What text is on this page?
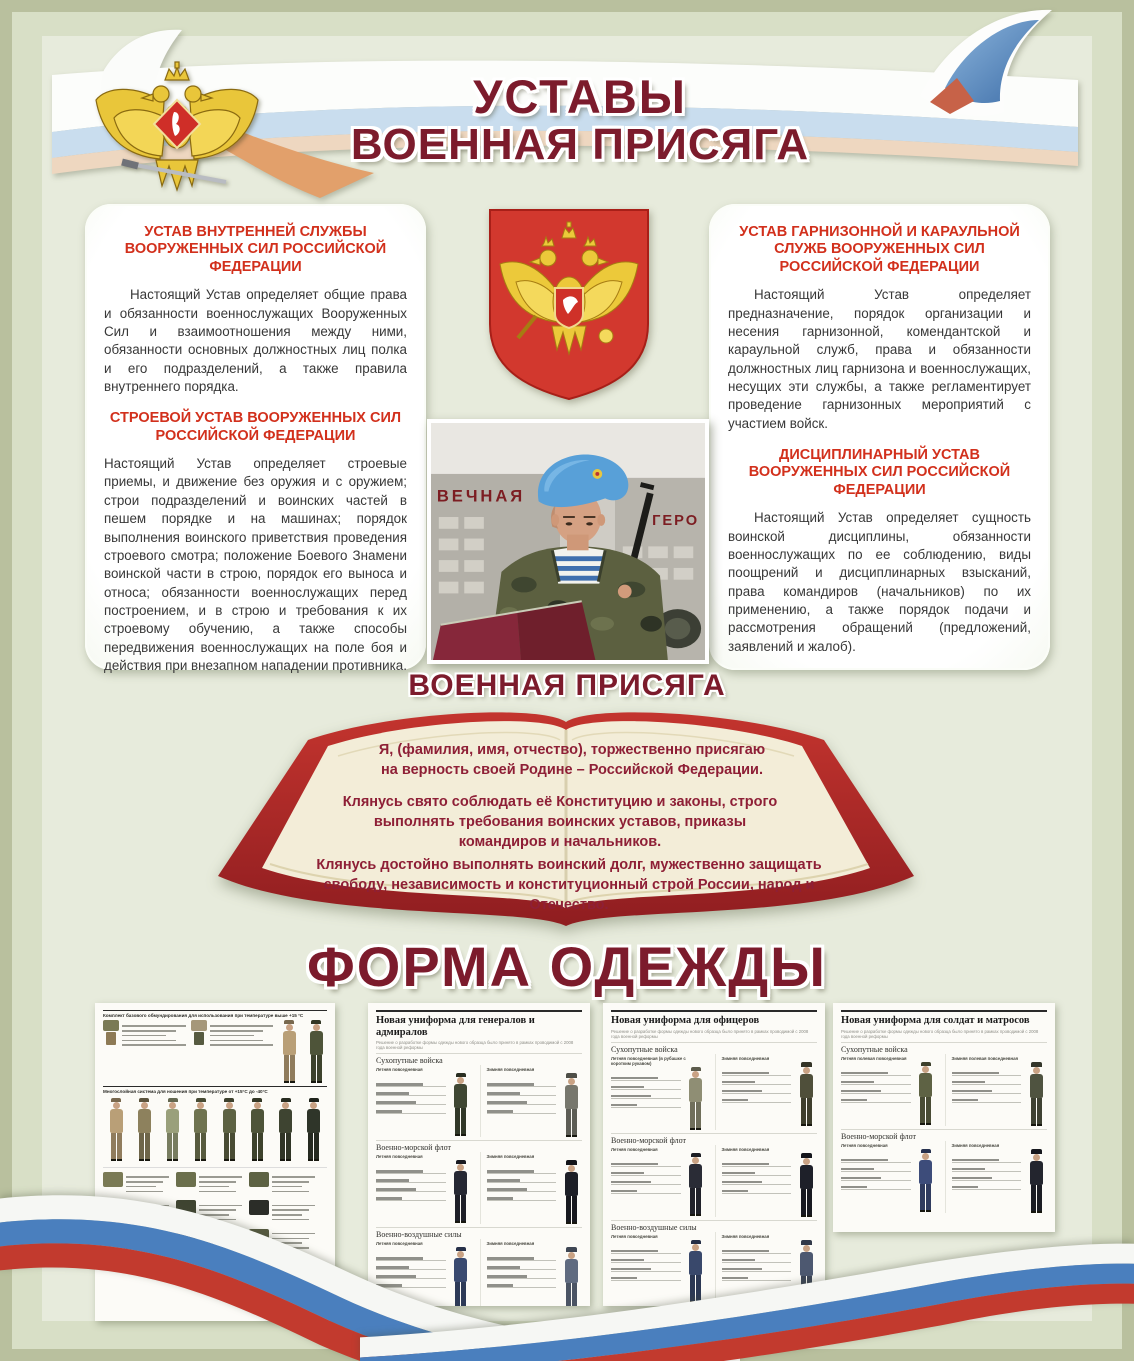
УСТАВЫ
ВОЕННАЯ ПРИСЯГА

УСТАВ ВНУТРЕННЕЙ СЛУЖБЫ ВООРУЖЕННЫХ СИЛ РОССИЙСКОЙ ФЕДЕРАЦИИ

Настоящий Устав определяет общие права и обязанности военнослужащих Вооруженных Сил и взаимоотношения между ними, обязанности основных должностных лиц полка и его подразделений, а также правила внутреннего порядка.

СТРОЕВОЙ УСТАВ ВООРУЖЕННЫХ СИЛ РОССИЙСКОЙ ФЕДЕРАЦИИ

Настоящий Устав определяет строевые приемы, и движение без оружия и с оружием; строи подразделений и воинских частей в пешем порядке и на машинах; порядок выполнения воинского приветствия проведения строевого смотра; положение Боевого Знамени воинской части в строю, порядок его выноса и относа; обязанности военнослужащих перед построением, и в строю и требования к их строевому обучению, а также способы передвижения военнослужащих на поле боя и действия при внезапном нападении противника.

УСТАВ ГАРНИЗОННОЙ И КАРАУЛЬНОЙ СЛУЖБ ВООРУЖЕННЫХ СИЛ РОССИЙСКОЙ ФЕДЕРАЦИИ

Настоящий Устав определяет предназначение, порядок организации и несения гарнизонной, комендантской и караульной служб, права и обязанности должностных лиц гарнизона и военнослужащих, несущих эти службы, а также регламентирует проведение гарнизонных мероприятий с участием войск.

ДИСЦИПЛИНАРНЫЙ УСТАВ ВООРУЖЕННЫХ СИЛ РОССИЙСКОЙ ФЕДЕРАЦИИ

Настоящий Устав определяет сущность воинской дисциплины, обязанности военнослужащих по ее соблюдению, виды поощрений и дисциплинарных взысканий, права командиров (начальников) по их применению, а также порядок подачи и рассмотрения обращений (предложений, заявлений и жалоб).

ВЕЧНАЯ
ГЕРО
ВОЕННАЯ ПРИСЯГА
Я, (фамилия, имя, отчество), торжественно присягаю на верность своей Родине – Российской Федерации.
Клянусь свято соблюдать её Конституцию и законы, строго выполнять требования воинских уставов, приказы командиров и начальников.
Клянусь достойно выполнять воинский долг, мужественно защищать свободу, независимость и конституционный строй России, народ и Отечество.
ФОРМА ОДЕЖДЫ
Комплект базового обмундирования для использования при температуре выше +15 °С
Многослойная система для ношения при температуре от +15°С до -40°С
Новая униформа для генералов и адмиралов
Решение о разработке формы одежды нового образца было принято в рамках проводимой с 2008 года военной реформы
Сухопутные войска
Летняя повседневная	Зимняя повседневная
Военно-морской флот
Летняя повседневная	Зимняя повседневная
Военно-воздушные силы
Летняя повседневная	Зимняя повседневная
Новая униформа для офицеров
Решение о разработке формы одежды нового образца было принято в рамках проводимой с 2008 года военной реформы
Сухопутные войска
Летняя повседневная (в рубашке с коротким рукавом)
Зимняя повседневная
Военно-морской флот
Летняя повседневная	Зимняя повседневная
Военно-воздушные силы
Летняя повседневная	Зимняя повседневная
Новая униформа для солдат и матросов
Решение о разработке формы одежды нового образца было принято в рамках проводимой с 2008 года военной реформы
Сухопутные войска
Летняя полевая повседневная	Зимняя полевая повседневная
Военно-морской флот
Летняя повседневная	Зимняя повседневная
